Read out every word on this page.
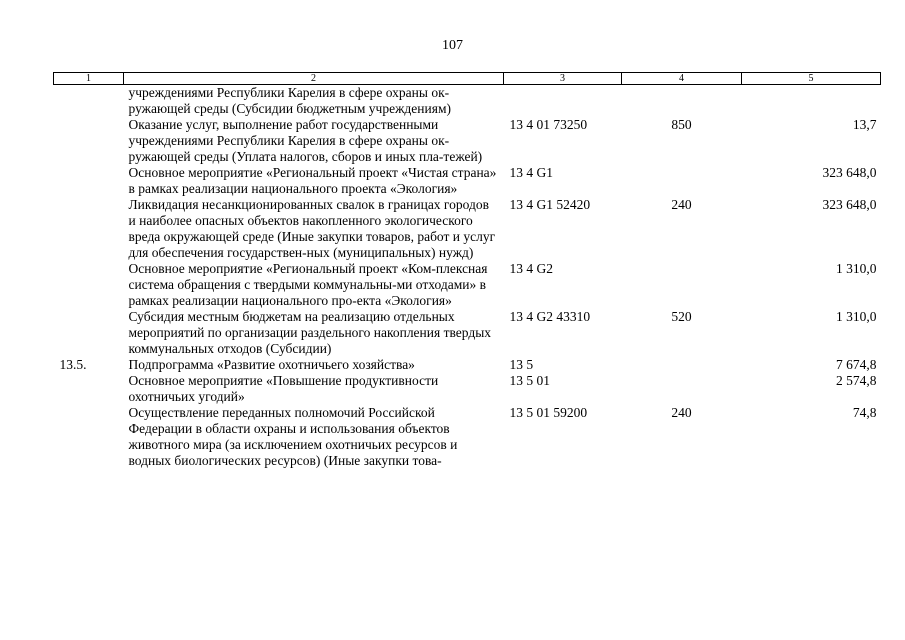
107
1	2	3	4	5
	учреждениями Республики Карелия в сфере охраны ок-ружающей среды (Субсидии бюджетным учреждениям)			
	Оказание услуг, выполнение работ государственными учреждениями Республики Карелия в сфере охраны ок-ружающей среды (Уплата налогов, сборов и иных пла-тежей)	13 4 01 73250	850	13,7
	Основное мероприятие «Региональный проект «Чистая страна» в рамках реализации национального проекта «Экология»	13 4 G1		323 648,0
	Ликвидация несанкционированных свалок в границах городов и наиболее опасных объектов накопленного экологического вреда окружающей среде (Иные закупки товаров, работ и услуг для обеспечения государствен-ных (муниципальных) нужд)	13 4 G1 52420	240	323 648,0
	Основное мероприятие «Региональный проект «Ком-плексная система обращения с твердыми коммунальны-ми отходами» в рамках реализации национального про-екта «Экология»	13 4 G2		1 310,0
	Субсидия местным бюджетам на реализацию отдельных мероприятий по организации раздельного накопления твердых коммунальных отходов (Субсидии)	13 4 G2 43310	520	1 310,0
13.5.	Подпрограмма «Развитие охотничьего хозяйства»	13 5		7 674,8
	Основное мероприятие «Повышение продуктивности охотничьих угодий»	13 5 01		2 574,8
	Осуществление переданных полномочий Российской Федерации в области охраны и использования объектов животного мира (за исключением охотничьих ресурсов и водных биологических ресурсов) (Иные закупки това-	13 5 01 59200	240	74,8
